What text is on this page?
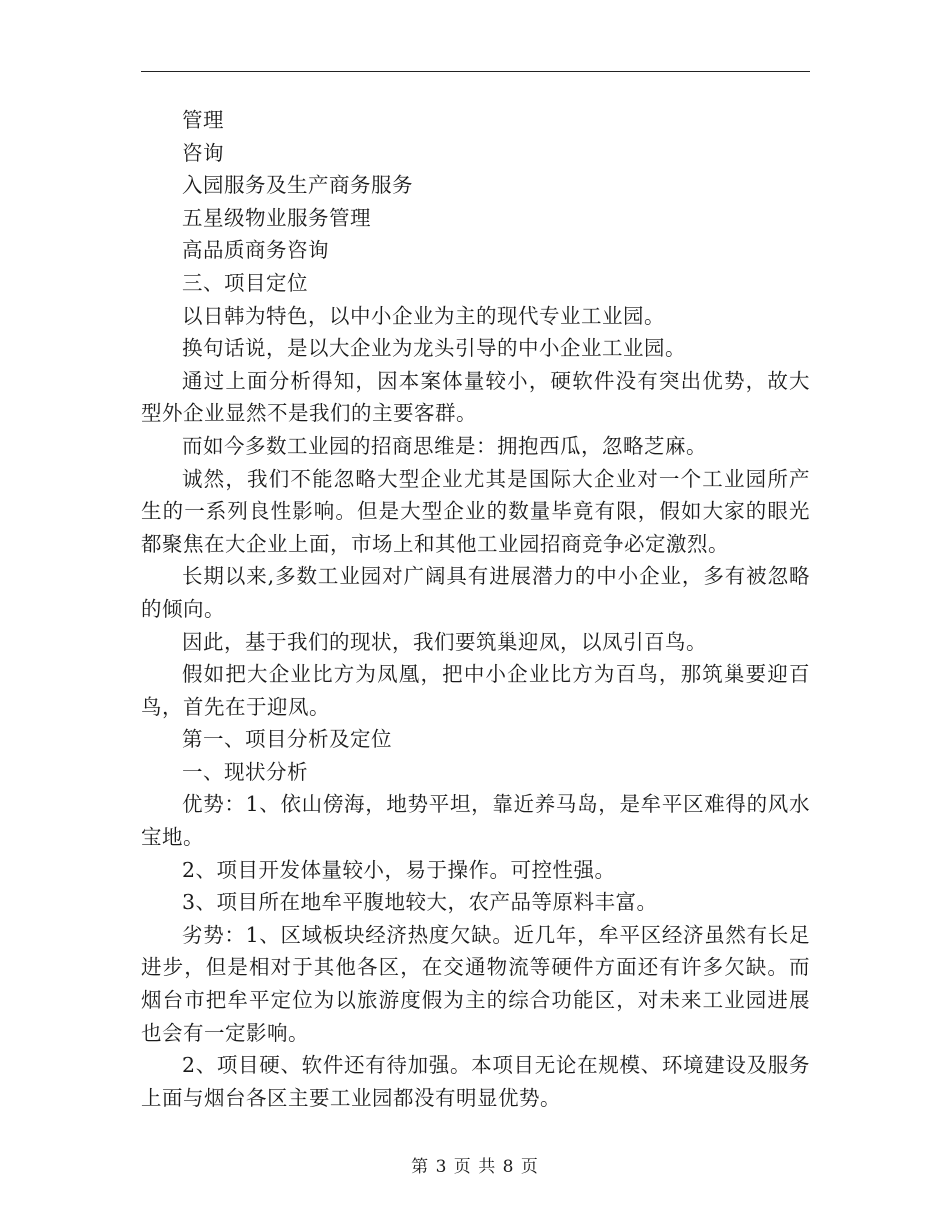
管理

咨询

入园服务及生产商务服务

五星级物业服务管理

高品质商务咨询

三、项目定位

以日韩为特色，以中小企业为主的现代专业工业园。

换句话说，是以大企业为龙头引导的中小企业工业园。

通过上面分析得知，因本案体量较小，硬软件没有突出优势，故大型外企业显然不是我们的主要客群。

而如今多数工业园的招商思维是：拥抱西瓜，忽略芝麻。

诚然，我们不能忽略大型企业尤其是国际大企业对一个工业园所产生的一系列良性影响。但是大型企业的数量毕竟有限，假如大家的眼光都聚焦在大企业上面，市场上和其他工业园招商竞争必定激烈。

长期以来,多数工业园对广阔具有进展潜力的中小企业，多有被忽略的倾向。

因此，基于我们的现状，我们要筑巢迎凤，以凤引百鸟。

假如把大企业比方为凤凰，把中小企业比方为百鸟，那筑巢要迎百鸟，首先在于迎凤。

第一、项目分析及定位

一、现状分析

优势：1、依山傍海，地势平坦，靠近养马岛，是牟平区难得的风水宝地。

2、项目开发体量较小，易于操作。可控性强。

3、项目所在地牟平腹地较大，农产品等原料丰富。

劣势：1、区域板块经济热度欠缺。近几年，牟平区经济虽然有长足进步，但是相对于其他各区，在交通物流等硬件方面还有许多欠缺。而烟台市把牟平定位为以旅游度假为主的综合功能区，对未来工业园进展也会有一定影响。

2、项目硬、软件还有待加强。本项目无论在规模、环境建设及服务上面与烟台各区主要工业园都没有明显优势。

第 3 页 共 8 页
